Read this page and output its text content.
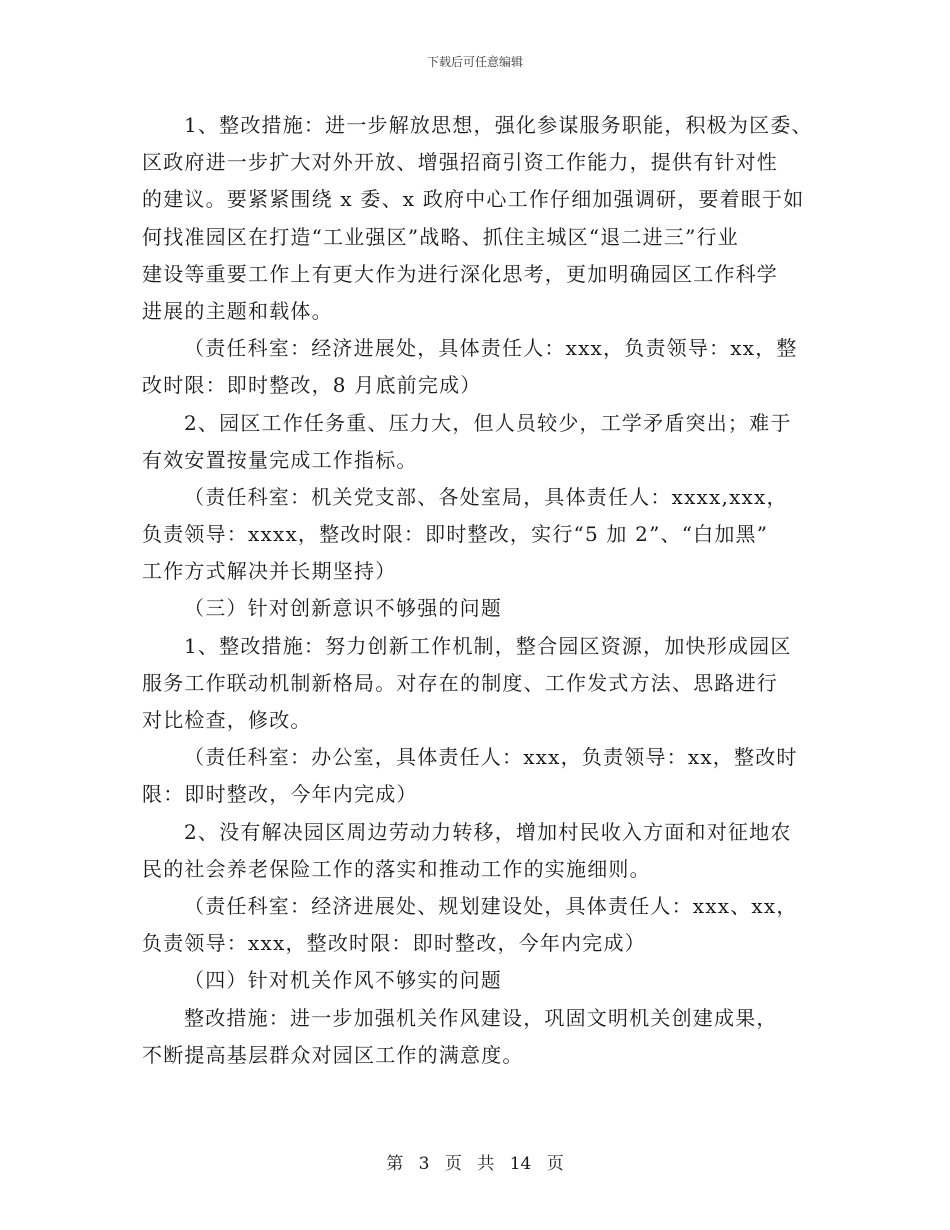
下载后可任意编辑
1、整改措施：进一步解放思想，强化参谋服务职能，积极为区委、
区政府进一步扩大对外开放、增强招商引资工作能力，提供有针对性
的建议。要紧紧围绕 x 委、x 政府中心工作仔细加强调研，要着眼于如
何找准园区在打造“工业强区”战略、抓住主城区“退二进三”行业
建设等重要工作上有更大作为进行深化思考，更加明确园区工作科学
进展的主题和载体。
（责任科室：经济进展处，具体责任人：xxx，负责领导：xx，整
改时限：即时整改，8 月底前完成）
2、园区工作任务重、压力大，但人员较少，工学矛盾突出；难于
有效安置按量完成工作指标。
（责任科室：机关党支部、各处室局，具体责任人：xxxx,xxx，
负责领导：xxxx，整改时限：即时整改，实行“5 加 2”、“白加黑”
工作方式解决并长期坚持）
（三）针对创新意识不够强的问题
1、整改措施：努力创新工作机制，整合园区资源，加快形成园区
服务工作联动机制新格局。对存在的制度、工作发式方法、思路进行
对比检查，修改。
（责任科室：办公室，具体责任人：xxx，负责领导：xx，整改时
限：即时整改，今年内完成）
2、没有解决园区周边劳动力转移，增加村民收入方面和对征地农
民的社会养老保险工作的落实和推动工作的实施细则。
（责任科室：经济进展处、规划建设处，具体责任人：xxx、xx，
负责领导：xxx，整改时限：即时整改，今年内完成）
（四）针对机关作风不够实的问题
整改措施：进一步加强机关作风建设，巩固文明机关创建成果，
不断提高基层群众对园区工作的满意度。
第 3 页 共 14 页
